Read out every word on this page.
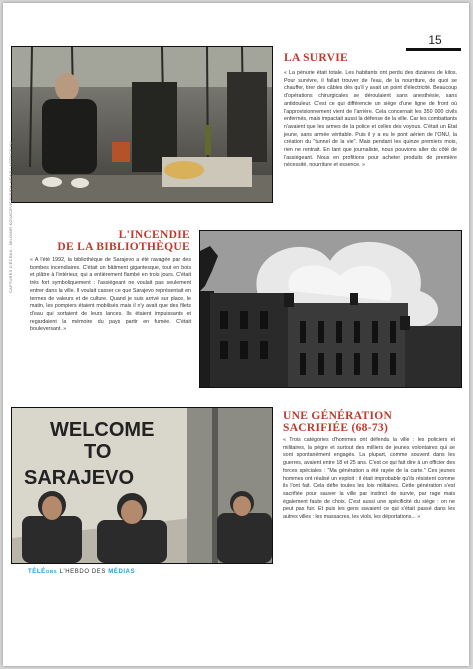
15
LA SURVIE
« La pénurie était totale. Les habitants ont perdu des dizaines de kilos. Pour survivre, il fallait trouver de l'eau, de la nourriture, de quoi se chauffer, tirer des câbles dès qu'il y avait un point d'électricité. Beaucoup d'opérations chirurgicales se déroulaient sans anesthésie, sans antidouleur. C'est ce qui différencie un siège d'une ligne de front où l'approvisionnement vient de l'arrière. Cela concernait les 350 000 civils enfermés, mais impactait aussi la défense de la ville. Car les combattants n'avaient que les armes de la police et celles des voyous. C'était un Etat jeune, sans armée véritable. Puis il y a eu le pont aérien de l'ONU, la création du "tunnel de la vie". Mais pendant les quinze premiers mois, rien ne rentrait. En tant que journaliste, nous pouvions aller du côté de l'assiégeant. Nous en profitions pour acheter produits de première nécessité, nourriture et essence. »
L'INCENDIE
DE LA BIBLIOTHÈQUE
« A l'été 1992, la bibliothèque de Sarajevo a été ravagée par des bombes incendiaires. C'était un bâtiment gigantesque, tout en bois et plâtre à l'intérieur, qui a entièrement flambé en trois jours. C'était très fort symboliquement : l'assiégeant ne voulait pas seulement entrer dans la ville. Il voulait casser ce que Sarajevo représentait en termes de valeurs et de culture. Quand je suis arrivé sur place, le matin, les pompiers étaient mobilisés mais il n'y avait que des filets d'eau qui sortaient de leurs lances. Ils étaient impuissants et regardaient la mémoire du pays partir en fumée. C'était bouleversant. »
CAPTURES D'ÉCRAN : MILOMIR KOVACEVIC/VISION NEWS / AGENCE VU
WELCOME
TO
SARAJEVO
UNE GÉNÉRATION
SACRIFIÉE (68-73)
« Trois catégories d'hommes ont défendu la ville : les policiers et militaires, la pègre et surtout des milliers de jeunes volontaires qui se sont spontanément engagés. La plupart, comme souvent dans les guerres, avaient entre 18 et 25 ans. C'est ce qui fait dire à un officier des forces spéciales : "Ma génération a été rayée de la carte." Ces jeunes hommes ont réalisé un exploit : il était improbable qu'ils résistent comme ils l'ont fait. Cela défie toutes les lois militaires. Cette génération s'est sacrifiée pour sauver la ville par instinct de survie, par rage mais également faute de choix. C'est aussi une spécificité du siège : on ne peut pas fuir. Et puis les gens savaient ce qui s'était passé dans les autres villes : les massacres, les viols, les déportations... »
TÉLÉOBS L'HEBDO DES MÉDIAS
